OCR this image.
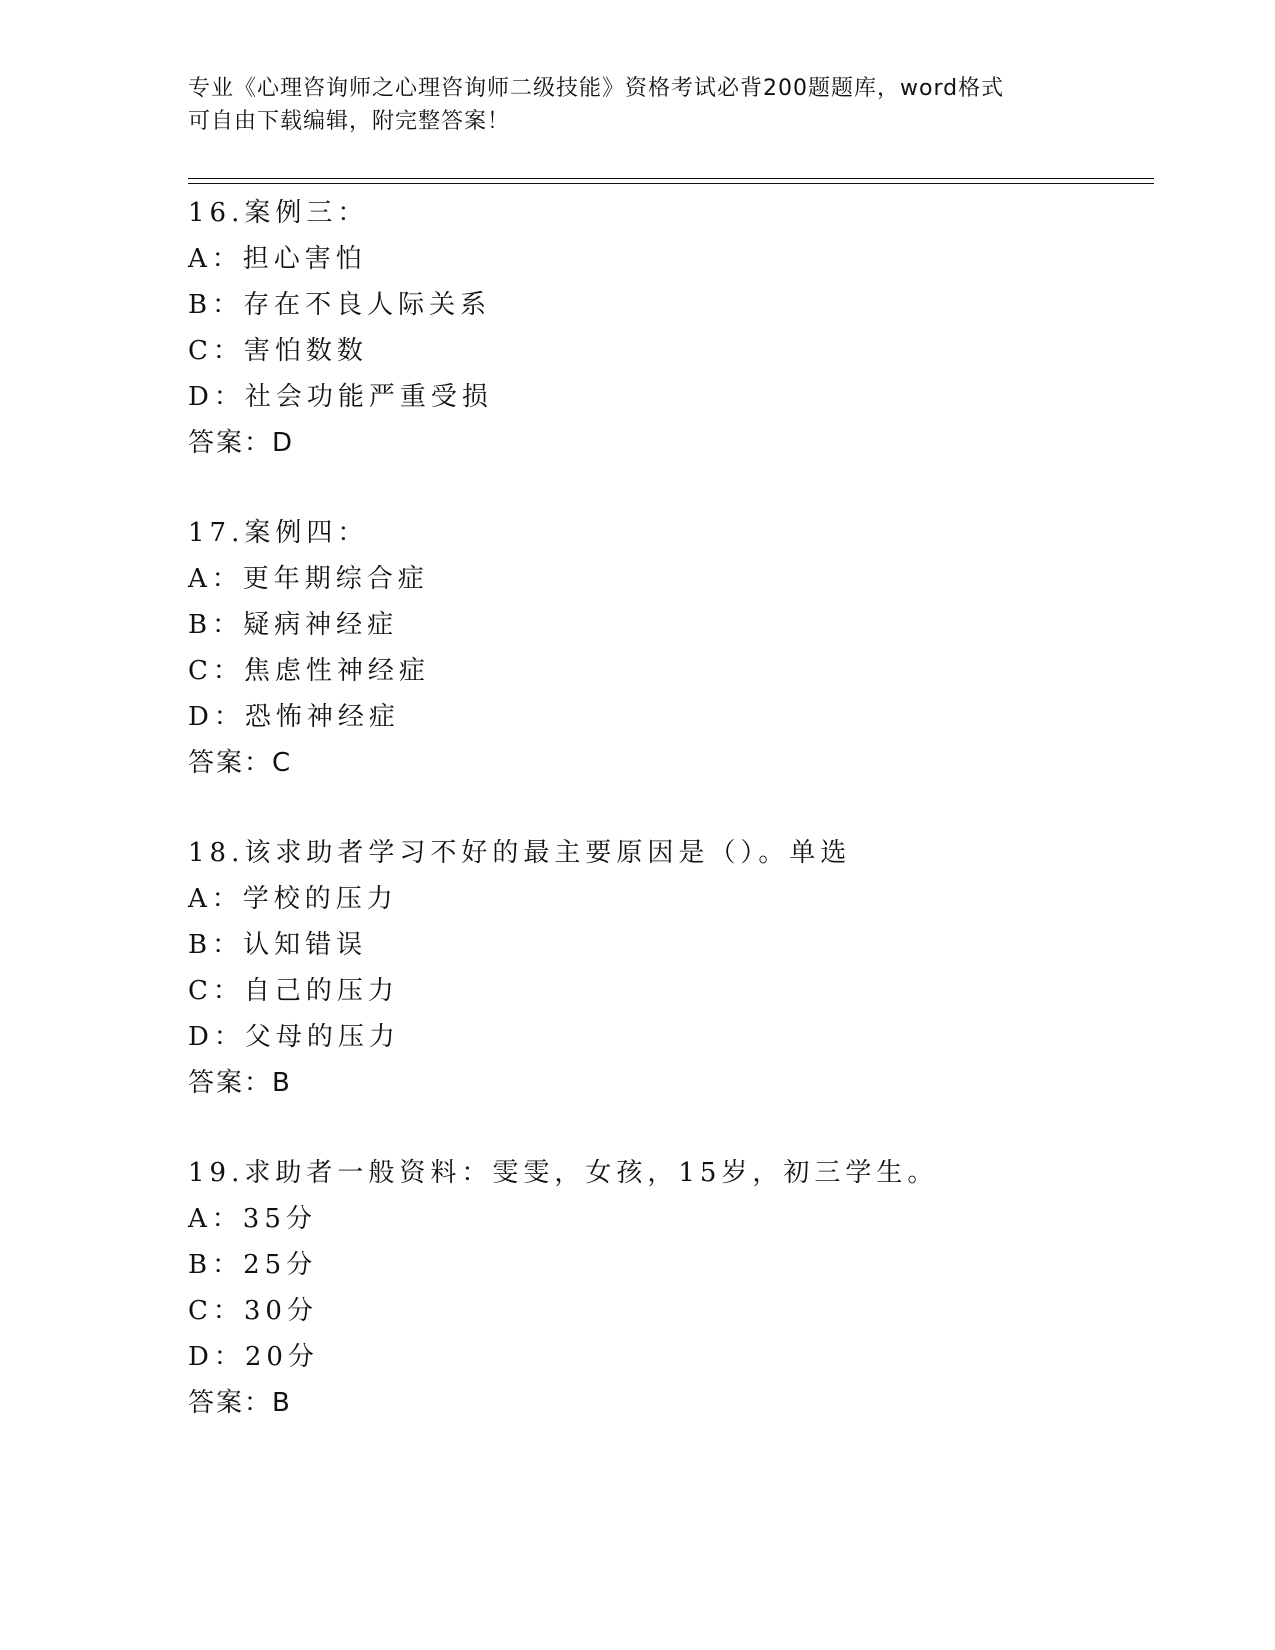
专业《心理咨询师之心理咨询师二级技能》资格考试必背200题题库，word格式
可自由下载编辑，附完整答案！
16.案例三：
A：担心害怕
B：存在不良人际关系
C：害怕数数
D：社会功能严重受损
答案：D
17.案例四：
A：更年期综合症
B：疑病神经症
C：焦虑性神经症
D：恐怖神经症
答案：C
18.该求助者学习不好的最主要原因是（）。单选
A：学校的压力
B：认知错误
C：自己的压力
D：父母的压力
答案：B
19.求助者一般资料：雯雯，女孩，15岁，初三学生。
A：35分
B：25分
C：30分
D：20分
答案：B
